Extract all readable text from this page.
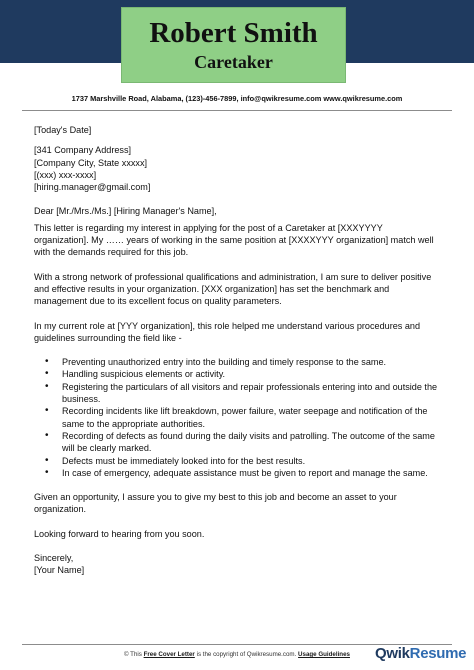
Robert Smith
Caretaker
1737 Marshville Road, Alabama, (123)-456-7899, info@qwikresume.com www.qwikresume.com

[Today's Date]

[341 Company Address]

[Company City, State xxxxx]

[(xxx) xxx-xxxx]

[hiring.manager@gmail.com]

Dear [Mr./Mrs./Ms.] [Hiring Manager's Name],

This letter is regarding my interest in applying for the post of a Caretaker at [XXXYYYY organization]. My …… years of working in the same position at [XXXXYYY organization] match well with the demands required for this job.

With a strong network of professional qualifications and administration, I am sure to deliver positive and effective results in your organization. [XXX organization] has set the benchmark and management due to its excellent focus on quality parameters.

In my current role at [YYY organization], this role helped me understand various procedures and guidelines surrounding the field like -

• Preventing unauthorized entry into the building and timely response to the same.
• Handling suspicious elements or activity.
• Registering the particulars of all visitors and repair professionals entering into and outside the business.
• Recording incidents like lift breakdown, power failure, water seepage and notification of the same to the appropriate authorities.
• Recording of defects as found during the daily visits and patrolling. The outcome of the same will be clearly marked.
• Defects must be immediately looked into for the best results.
• In case of emergency, adequate assistance must be given to report and manage the same.

Given an opportunity, I assure you to give my best to this job and become an asset to your organization.

Looking forward to hearing from you soon.

Sincerely,

[Your Name]

© This Free Cover Letter is the copyright of Qwikresume.com. Usage Guidelines	QwikResume
